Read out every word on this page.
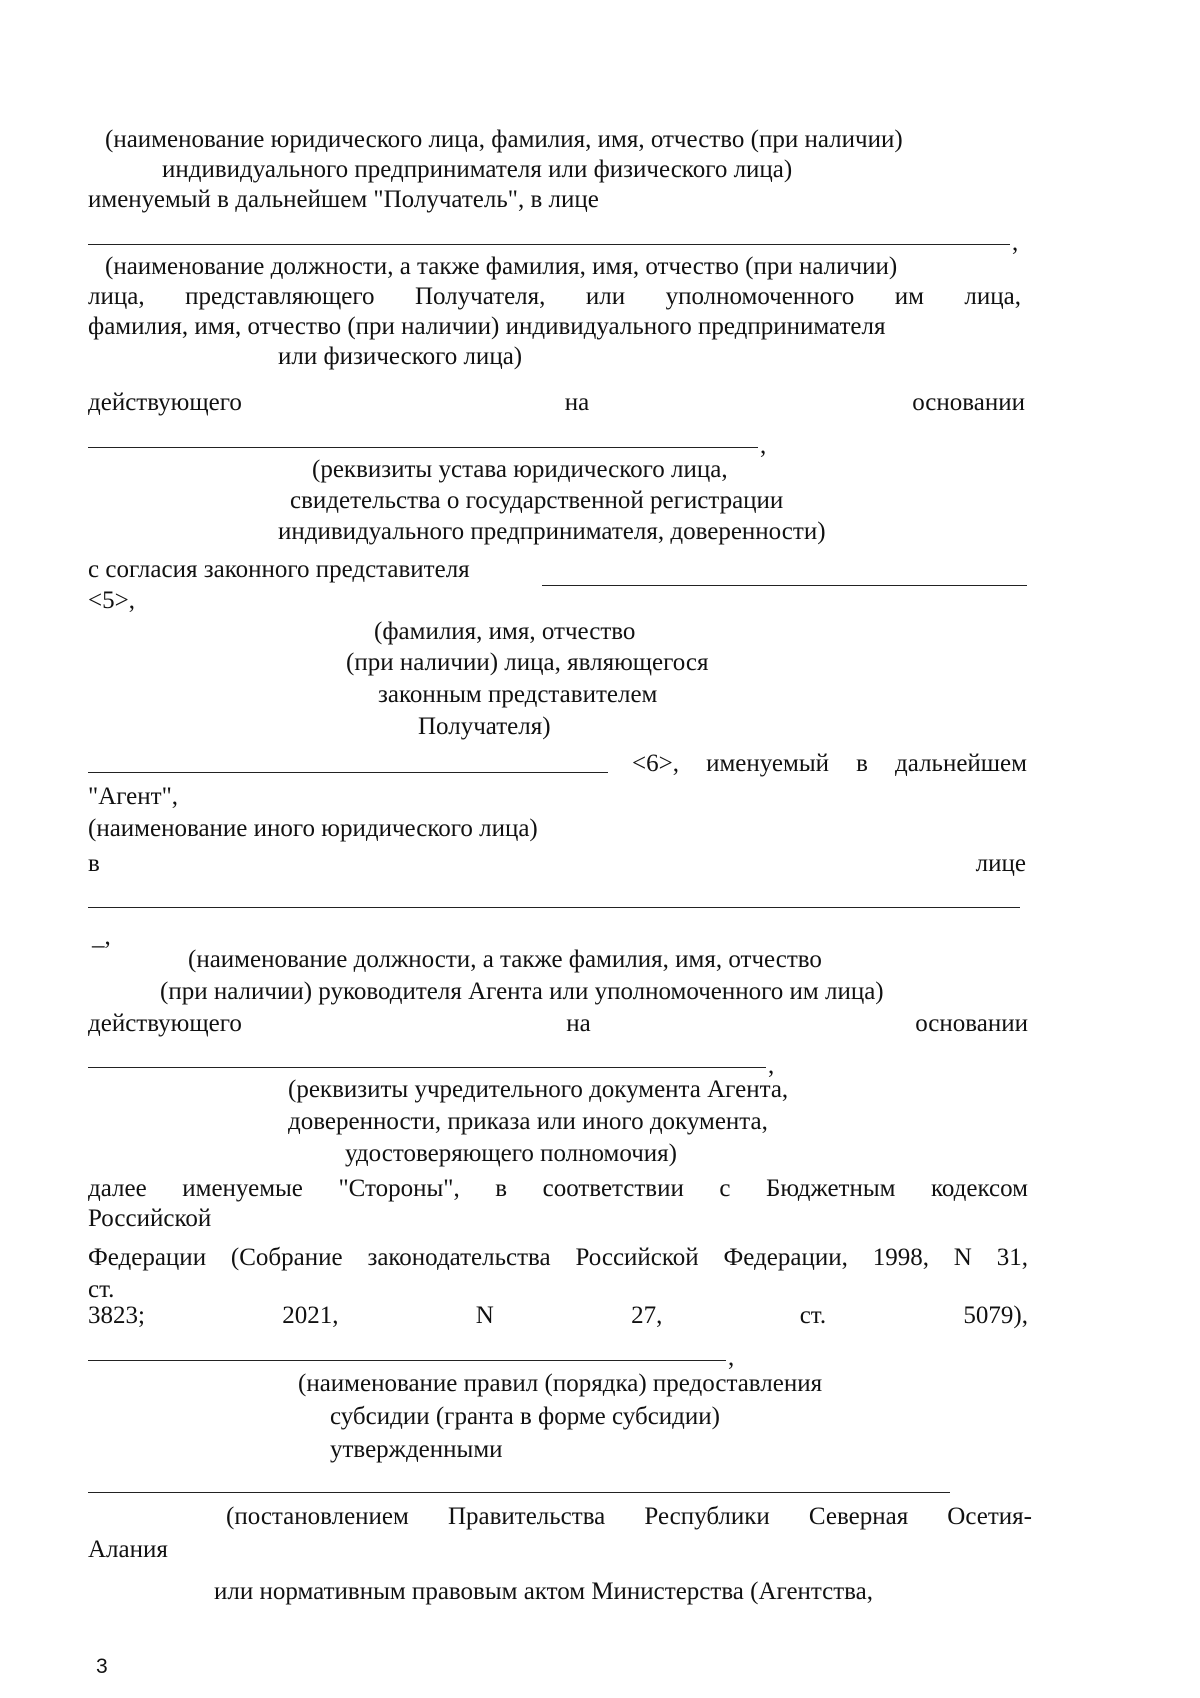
(наименование юридического лица, фамилия, имя, отчество (при наличии)
индивидуального предпринимателя или физического лица)
именуемый в дальнейшем "Получатель", в лице
,
(наименование должности, а также фамилия, имя, отчество (при наличии)
лица, представляющего Получателя, или уполномоченного им лица,
фамилия, имя, отчество (при наличии) индивидуального предпринимателя
или физического лица)
действующего	на	основании
,
(реквизиты устава юридического лица,
свидетельства о государственной регистрации
индивидуального предпринимателя, доверенности)
с согласия законного представителя
<5>,
(фамилия, имя, отчество
(при наличии) лица, являющегося
законным представителем
Получателя)
<6>, именуемый в дальнейшем
"Агент",
(наименование иного юридического лица)
в	лице
_,
(наименование должности, а также фамилия, имя, отчество
(при наличии) руководителя Агента или уполномоченного им лица)
действующего	на	основании
,
(реквизиты учредительного документа Агента,
доверенности, приказа или иного документа,
удостоверяющего полномочия)
далее именуемые "Стороны", в соответствии с Бюджетным кодексом
Российской
Федерации (Собрание законодательства Российской Федерации, 1998, N 31,
ст.
3823;	2021,	N	27,	ст.	5079),
,
(наименование правил (порядка) предоставления
субсидии (гранта в форме субсидии)
утвержденными
(постановлением Правительства Республики Северная Осетия-
Алания
или нормативным правовым актом Министерства (Агентства,
3
